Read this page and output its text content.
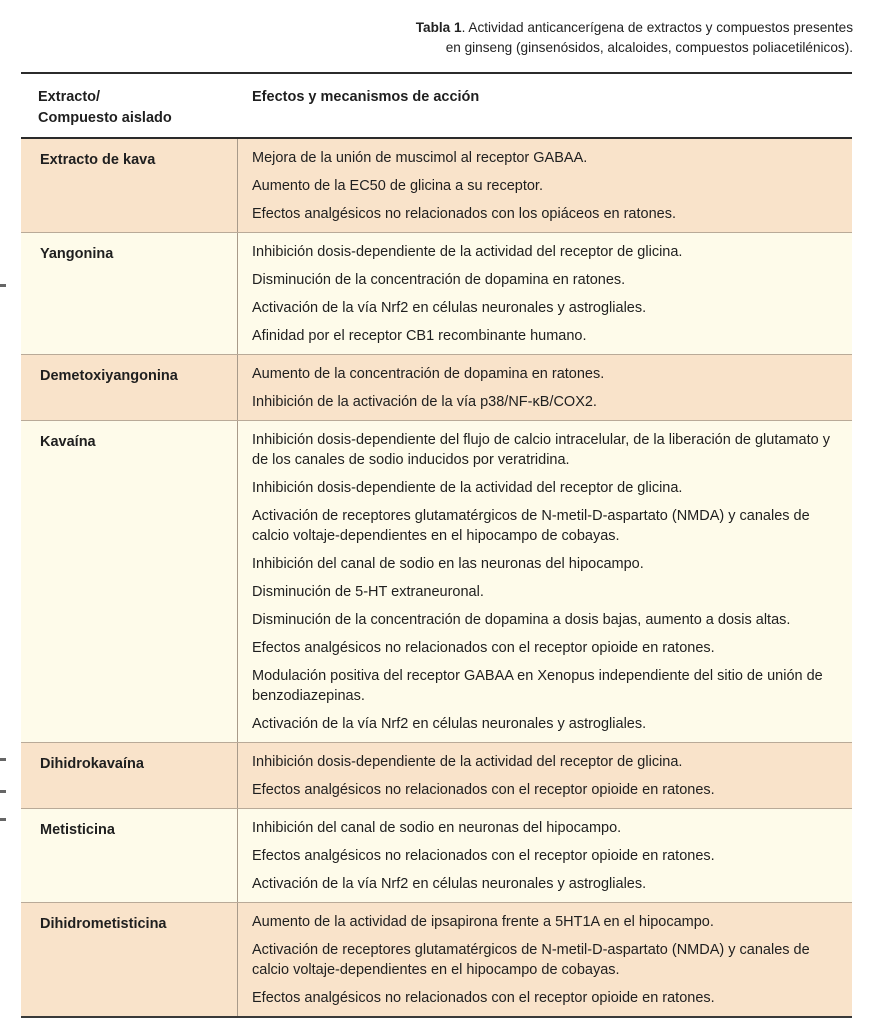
Tabla 1. Actividad anticancerígena de extractos y compuestos presentes
en ginseng (ginsenósidos, alcaloides, compuestos poliacetilénicos).
Extracto/
Compuesto aislado
Efectos y mecanismos de acción
Extracto de kava	Mejora de la unión de muscimol al receptor GABAA.
Aumento de la EC50 de glicina a su receptor.
Efectos analgésicos no relacionados con los opiáceos en ratones.
Yangonina	Inhibición dosis-dependiente de la actividad del receptor de glicina.
Disminución de la concentración de dopamina en ratones.
Activación de la vía Nrf2 en células neuronales y astrogliales.
Afinidad por el receptor CB1 recombinante humano.
Demetoxiyangonina	Aumento de la concentración de dopamina en ratones.
Inhibición de la activación de la vía p38/NF-κB/COX2.
Kavaína	Inhibición dosis-dependiente del flujo de calcio intracelular, de la liberación de glutamato y de los canales de sodio inducidos por veratridina.
Inhibición dosis-dependiente de la actividad del receptor de glicina.
Activación de receptores glutamatérgicos de N-metil-D-aspartato (NMDA) y canales de calcio voltaje-dependientes en el hipocampo de cobayas.
Inhibición del canal de sodio en las neuronas del hipocampo.
Disminución de 5-HT extraneuronal.
Disminución de la concentración de dopamina a dosis bajas, aumento a dosis altas.
Efectos analgésicos no relacionados con el receptor opioide en ratones.
Modulación positiva del receptor GABAA en Xenopus independiente del sitio de unión de benzodiazepinas.
Activación de la vía Nrf2 en células neuronales y astrogliales.
Dihidrokavaína	Inhibición dosis-dependiente de la actividad del receptor de glicina.
Efectos analgésicos no relacionados con el receptor opioide en ratones.
Metisticina	Inhibición del canal de sodio en neuronas del hipocampo.
Efectos analgésicos no relacionados con el receptor opioide en ratones.
Activación de la vía Nrf2 en células neuronales y astrogliales.
Dihidrometisticina	Aumento de la actividad de ipsapirona frente a 5HT1A en el hipocampo.
Activación de receptores glutamatérgicos de N-metil-D-aspartato (NMDA) y canales de calcio voltaje-dependientes en el hipocampo de cobayas.
Efectos analgésicos no relacionados con el receptor opioide en ratones.
